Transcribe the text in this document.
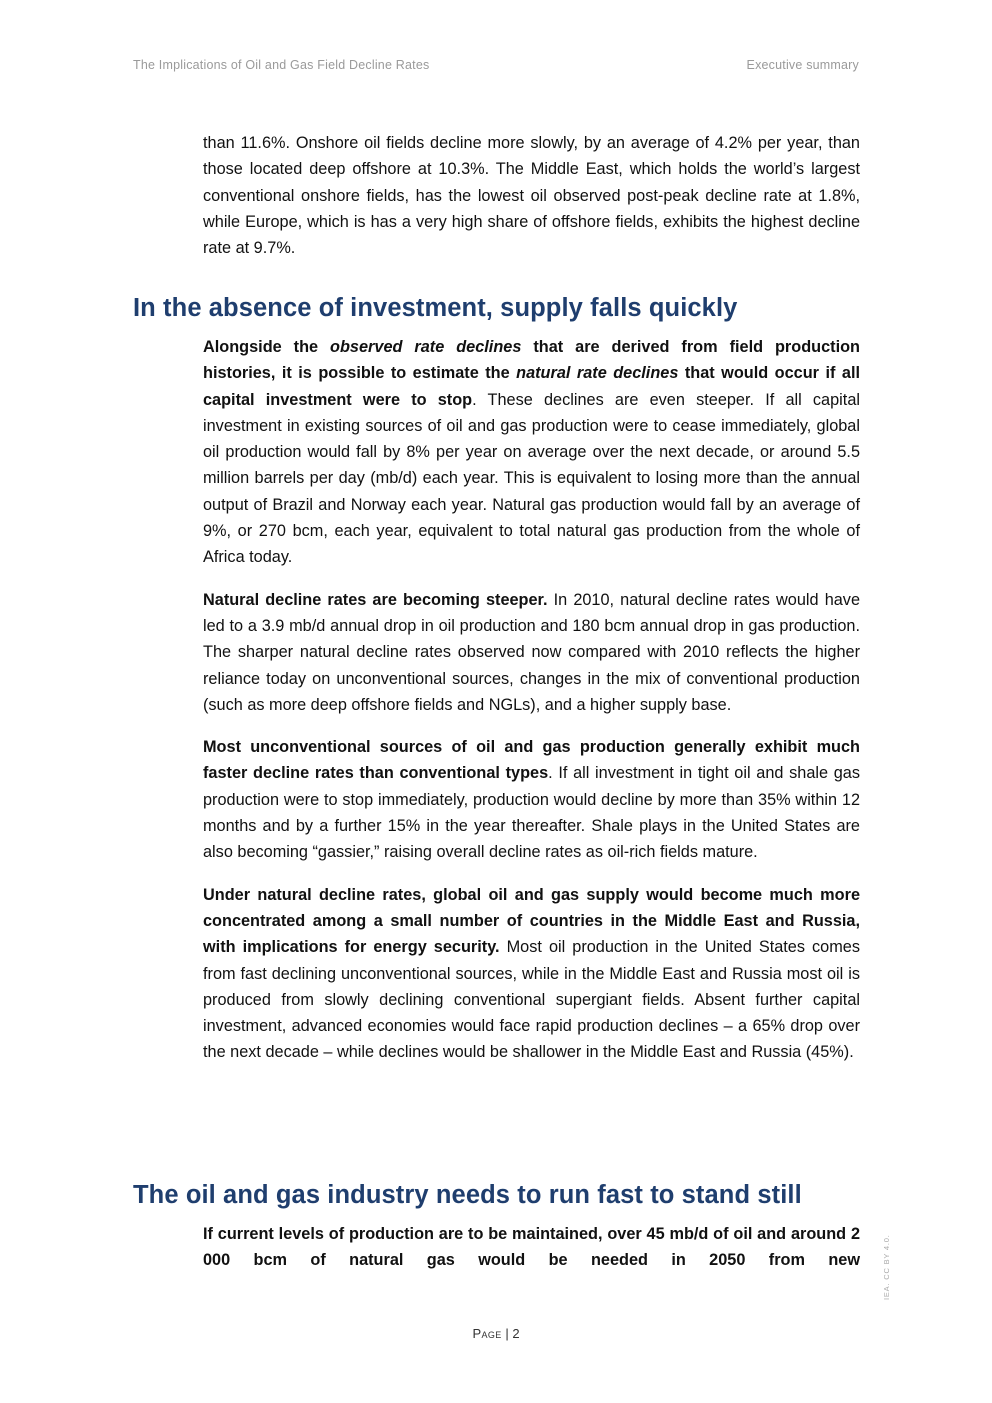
The Implications of Oil and Gas Field Decline Rates	Executive summary

than 11.6%. Onshore oil fields decline more slowly, by an average of 4.2% per year, than those located deep offshore at 10.3%. The Middle East, which holds the world’s largest conventional onshore fields, has the lowest oil observed post-peak decline rate at 1.8%, while Europe, which is has a very high share of offshore fields, exhibits the highest decline rate at 9.7%.

In the absence of investment, supply falls quickly

Alongside the observed rate declines that are derived from field production histories, it is possible to estimate the natural rate declines that would occur if all capital investment were to stop. These declines are even steeper. If all capital investment in existing sources of oil and gas production were to cease immediately, global oil production would fall by 8% per year on average over the next decade, or around 5.5 million barrels per day (mb/d) each year. This is equivalent to losing more than the annual output of Brazil and Norway each year. Natural gas production would fall by an average of 9%, or 270 bcm, each year, equivalent to total natural gas production from the whole of Africa today.

Natural decline rates are becoming steeper. In 2010, natural decline rates would have led to a 3.9 mb/d annual drop in oil production and 180 bcm annual drop in gas production. The sharper natural decline rates observed now compared with 2010 reflects the higher reliance today on unconventional sources, changes in the mix of conventional production (such as more deep offshore fields and NGLs), and a higher supply base.

Most unconventional sources of oil and gas production generally exhibit much faster decline rates than conventional types. If all investment in tight oil and shale gas production were to stop immediately, production would decline by more than 35% within 12 months and by a further 15% in the year thereafter. Shale plays in the United States are also becoming “gassier,” raising overall decline rates as oil-rich fields mature.

Under natural decline rates, global oil and gas supply would become much more concentrated among a small number of countries in the Middle East and Russia, with implications for energy security. Most oil production in the United States comes from fast declining unconventional sources, while in the Middle East and Russia most oil is produced from slowly declining conventional supergiant fields. Absent further capital investment, advanced economies would face rapid production declines – a 65% drop over the next decade – while declines would be shallower in the Middle East and Russia (45%).

The oil and gas industry needs to run fast to stand still

If current levels of production are to be maintained, over 45 mb/d of oil and around 2 000 bcm of natural gas would be needed in 2050 from new

Page | 2
IEA. CC BY 4.0.
